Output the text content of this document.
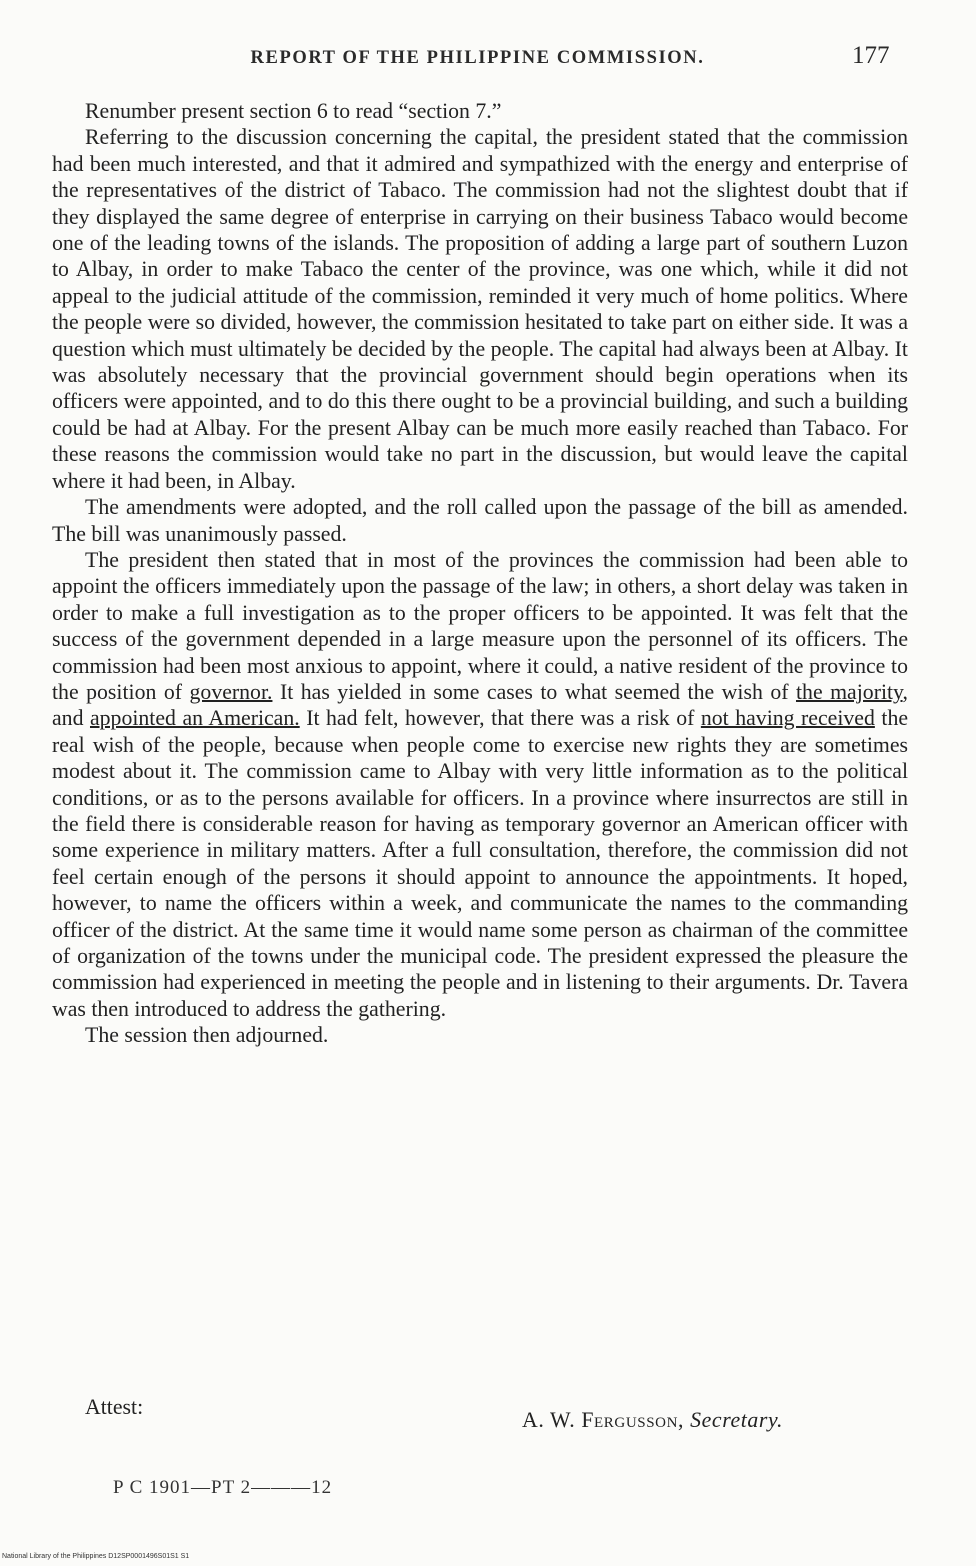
REPORT OF THE PHILIPPINE COMMISSION.	177

Renumber present section 6 to read “section 7.”

Referring to the discussion concerning the capital, the president stated that the commission had been much interested, and that it admired and sympathized with the energy and enterprise of the representatives of the district of Tabaco. The commission had not the slightest doubt that if they displayed the same degree of enterprise in carrying on their business Tabaco would become one of the leading towns of the islands. The proposition of adding a large part of southern Luzon to Albay, in order to make Tabaco the center of the province, was one which, while it did not appeal to the judicial attitude of the commission, reminded it very much of home politics. Where the people were so divided, however, the commission hesitated to take part on either side. It was a question which must ultimately be decided by the people. The capital had always been at Albay. It was absolutely necessary that the provincial government should begin operations when its officers were appointed, and to do this there ought to be a provincial building, and such a building could be had at Albay. For the present Albay can be much more easily reached than Tabaco. For these reasons the commission would take no part in the discussion, but would leave the capital where it had been, in Albay.

The amendments were adopted, and the roll called upon the passage of the bill as amended. The bill was unanimously passed.

The president then stated that in most of the provinces the commission had been able to appoint the officers immediately upon the passage of the law; in others, a short delay was taken in order to make a full investigation as to the proper officers to be appointed. It was felt that the success of the government depended in a large measure upon the personnel of its officers. The commission had been most anxious to appoint, where it could, a native resident of the province to the position of governor. It has yielded in some cases to what seemed the wish of the majority, and appointed an American. It had felt, however, that there was a risk of not having received the real wish of the people, because when people come to exercise new rights they are sometimes modest about it. The commission came to Albay with very little information as to the political conditions, or as to the persons available for officers. In a province where insurrectos are still in the field there is considerable reason for having as temporary governor an American officer with some experience in military matters. After a full consultation, therefore, the commission did not feel certain enough of the persons it should appoint to announce the appointments. It hoped, however, to name the officers within a week, and communicate the names to the commanding officer of the district. At the same time it would name some person as chairman of the committee of organization of the towns under the municipal code. The president expressed the pleasure the commission had experienced in meeting the people and in listening to their arguments. Dr. Tavera was then introduced to address the gathering.

The session then adjourned.

Attest:
A. W. Fergusson, Secretary.
P C 1901—PT 2———12
National Library of the Philippines D12SP0001496S01S1 S1
